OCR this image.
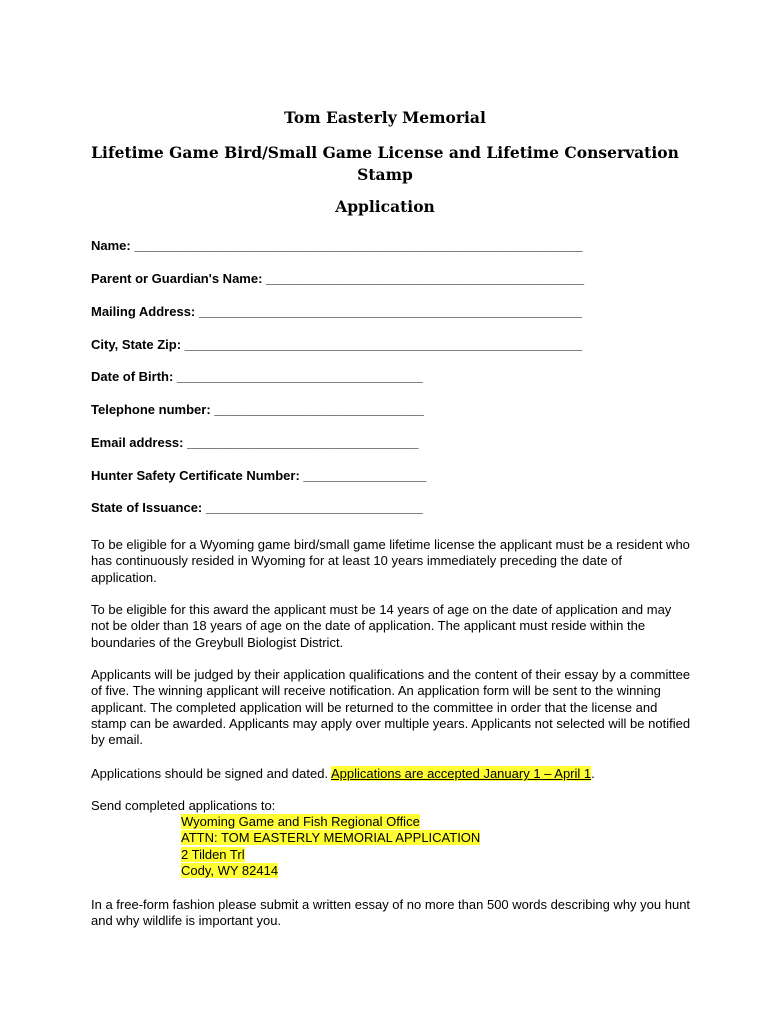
Tom Easterly Memorial
Lifetime Game Bird/Small Game License and Lifetime Conservation
Stamp
Application
Name: ______________________________________________________________
Parent or Guardian's Name: ____________________________________________
Mailing Address: _____________________________________________________
City, State Zip: _______________________________________________________
Date of Birth: __________________________________
Telephone number: _____________________________
Email address: ________________________________
Hunter Safety Certificate Number: _________________
State of Issuance: ______________________________

To be eligible for a Wyoming game bird/small game lifetime license the applicant must be a resident who has continuously resided in Wyoming for at least 10 years immediately preceding the date of application.

To be eligible for this award the applicant must be 14 years of age on the date of application and may not be older than 18 years of age on the date of application. The applicant must reside within the boundaries of the Greybull Biologist District.

Applicants will be judged by their application qualifications and the content of their essay by a committee of five. The winning applicant will receive notification. An application form will be sent to the winning applicant. The completed application will be returned to the committee in order that the license and stamp can be awarded. Applicants may apply over multiple years. Applicants not selected will be notified by email.

Applications should be signed and dated. Applications are accepted January 1 – April 1.

Send completed applications to:

Wyoming Game and Fish Regional Office
ATTN: TOM EASTERLY MEMORIAL APPLICATION
2 Tilden Trl
Cody, WY 82414

In a free-form fashion please submit a written essay of no more than 500 words describing why you hunt and why wildlife is important you.
